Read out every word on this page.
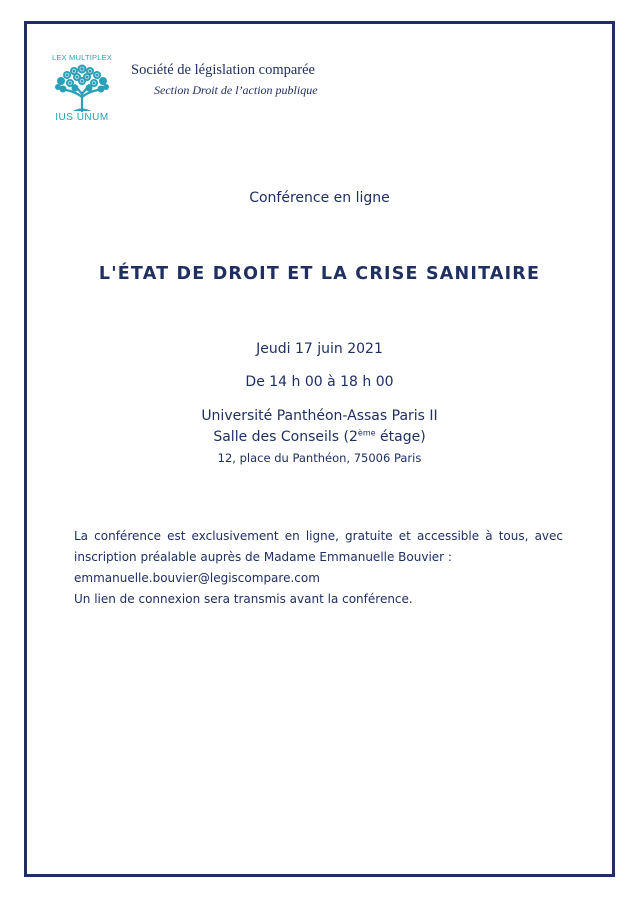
LEX MULTIPLEX
IUS UNUM
Société de législation comparée
Section Droit de l’action publique
Conférence en ligne
L'ÉTAT DE DROIT ET LA CRISE SANITAIRE
Jeudi 17 juin 2021
De 14 h 00 à 18 h 00
Université Panthéon-Assas Paris II
Salle des Conseils (2ème étage)
12, place du Panthéon, 75006 Paris

La conférence est exclusivement en ligne, gratuite et accessible à tous, avec inscription préalable auprès de Madame Emmanuelle Bouvier :

emmanuelle.bouvier@legiscompare.com

Un lien de connexion sera transmis avant la conférence.
